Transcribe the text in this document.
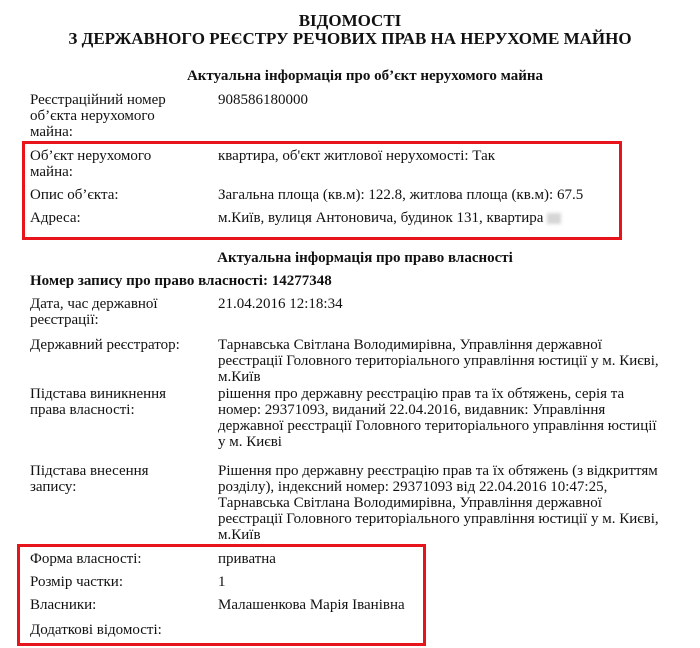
ВІДОМОСТІ
З ДЕРЖАВНОГО РЕЄСТРУ РЕЧОВИХ ПРАВ НА НЕРУХОМЕ МАЙНО
Актуальна інформація про об’єкт нерухомого майна
Реєстраційний номер
об’єкта нерухомого
майна:
908586180000
Об’єкт нерухомого
майна:
квартира, об'єкт житлової нерухомості: Так
Опис об’єкта:	Загальна площа (кв.м): 122.8, житлова площа (кв.м): 67.5
Адреса:	м.Київ, вулиця Антоновича, будинок 131, квартира
Дата, час державної
реєстрації:
21.04.2016 12:18:34
Державний реєстратор:	Тарнавська Світлана Володимирівна, Управління державної
реєстрації Головного територіального управління юстиції у м. Києві,
м.Київ
Підстава виникнення
права власності:
рішення про державну реєстрацію прав та їх обтяжень, серія та
номер: 29371093, виданий 22.04.2016, видавник: Управління
державної реєстрації Головного територіального управління юстиції
у м. Києві
Підстава внесення
запису:
Рішення про державну реєстрацію прав та їх обтяжень (з відкриттям
розділу), індексний номер: 29371093 від 22.04.2016 10:47:25,
Тарнавська Світлана Володимирівна, Управління державної
реєстрації Головного територіального управління юстиції у м. Києві,
м.Київ
Форма власності:	приватна
Розмір частки:	1
Власники:	Малашенкова Марія Іванівна
Додаткові відомості:
Актуальна інформація про право власності
Номер запису про право власності: 14277348
